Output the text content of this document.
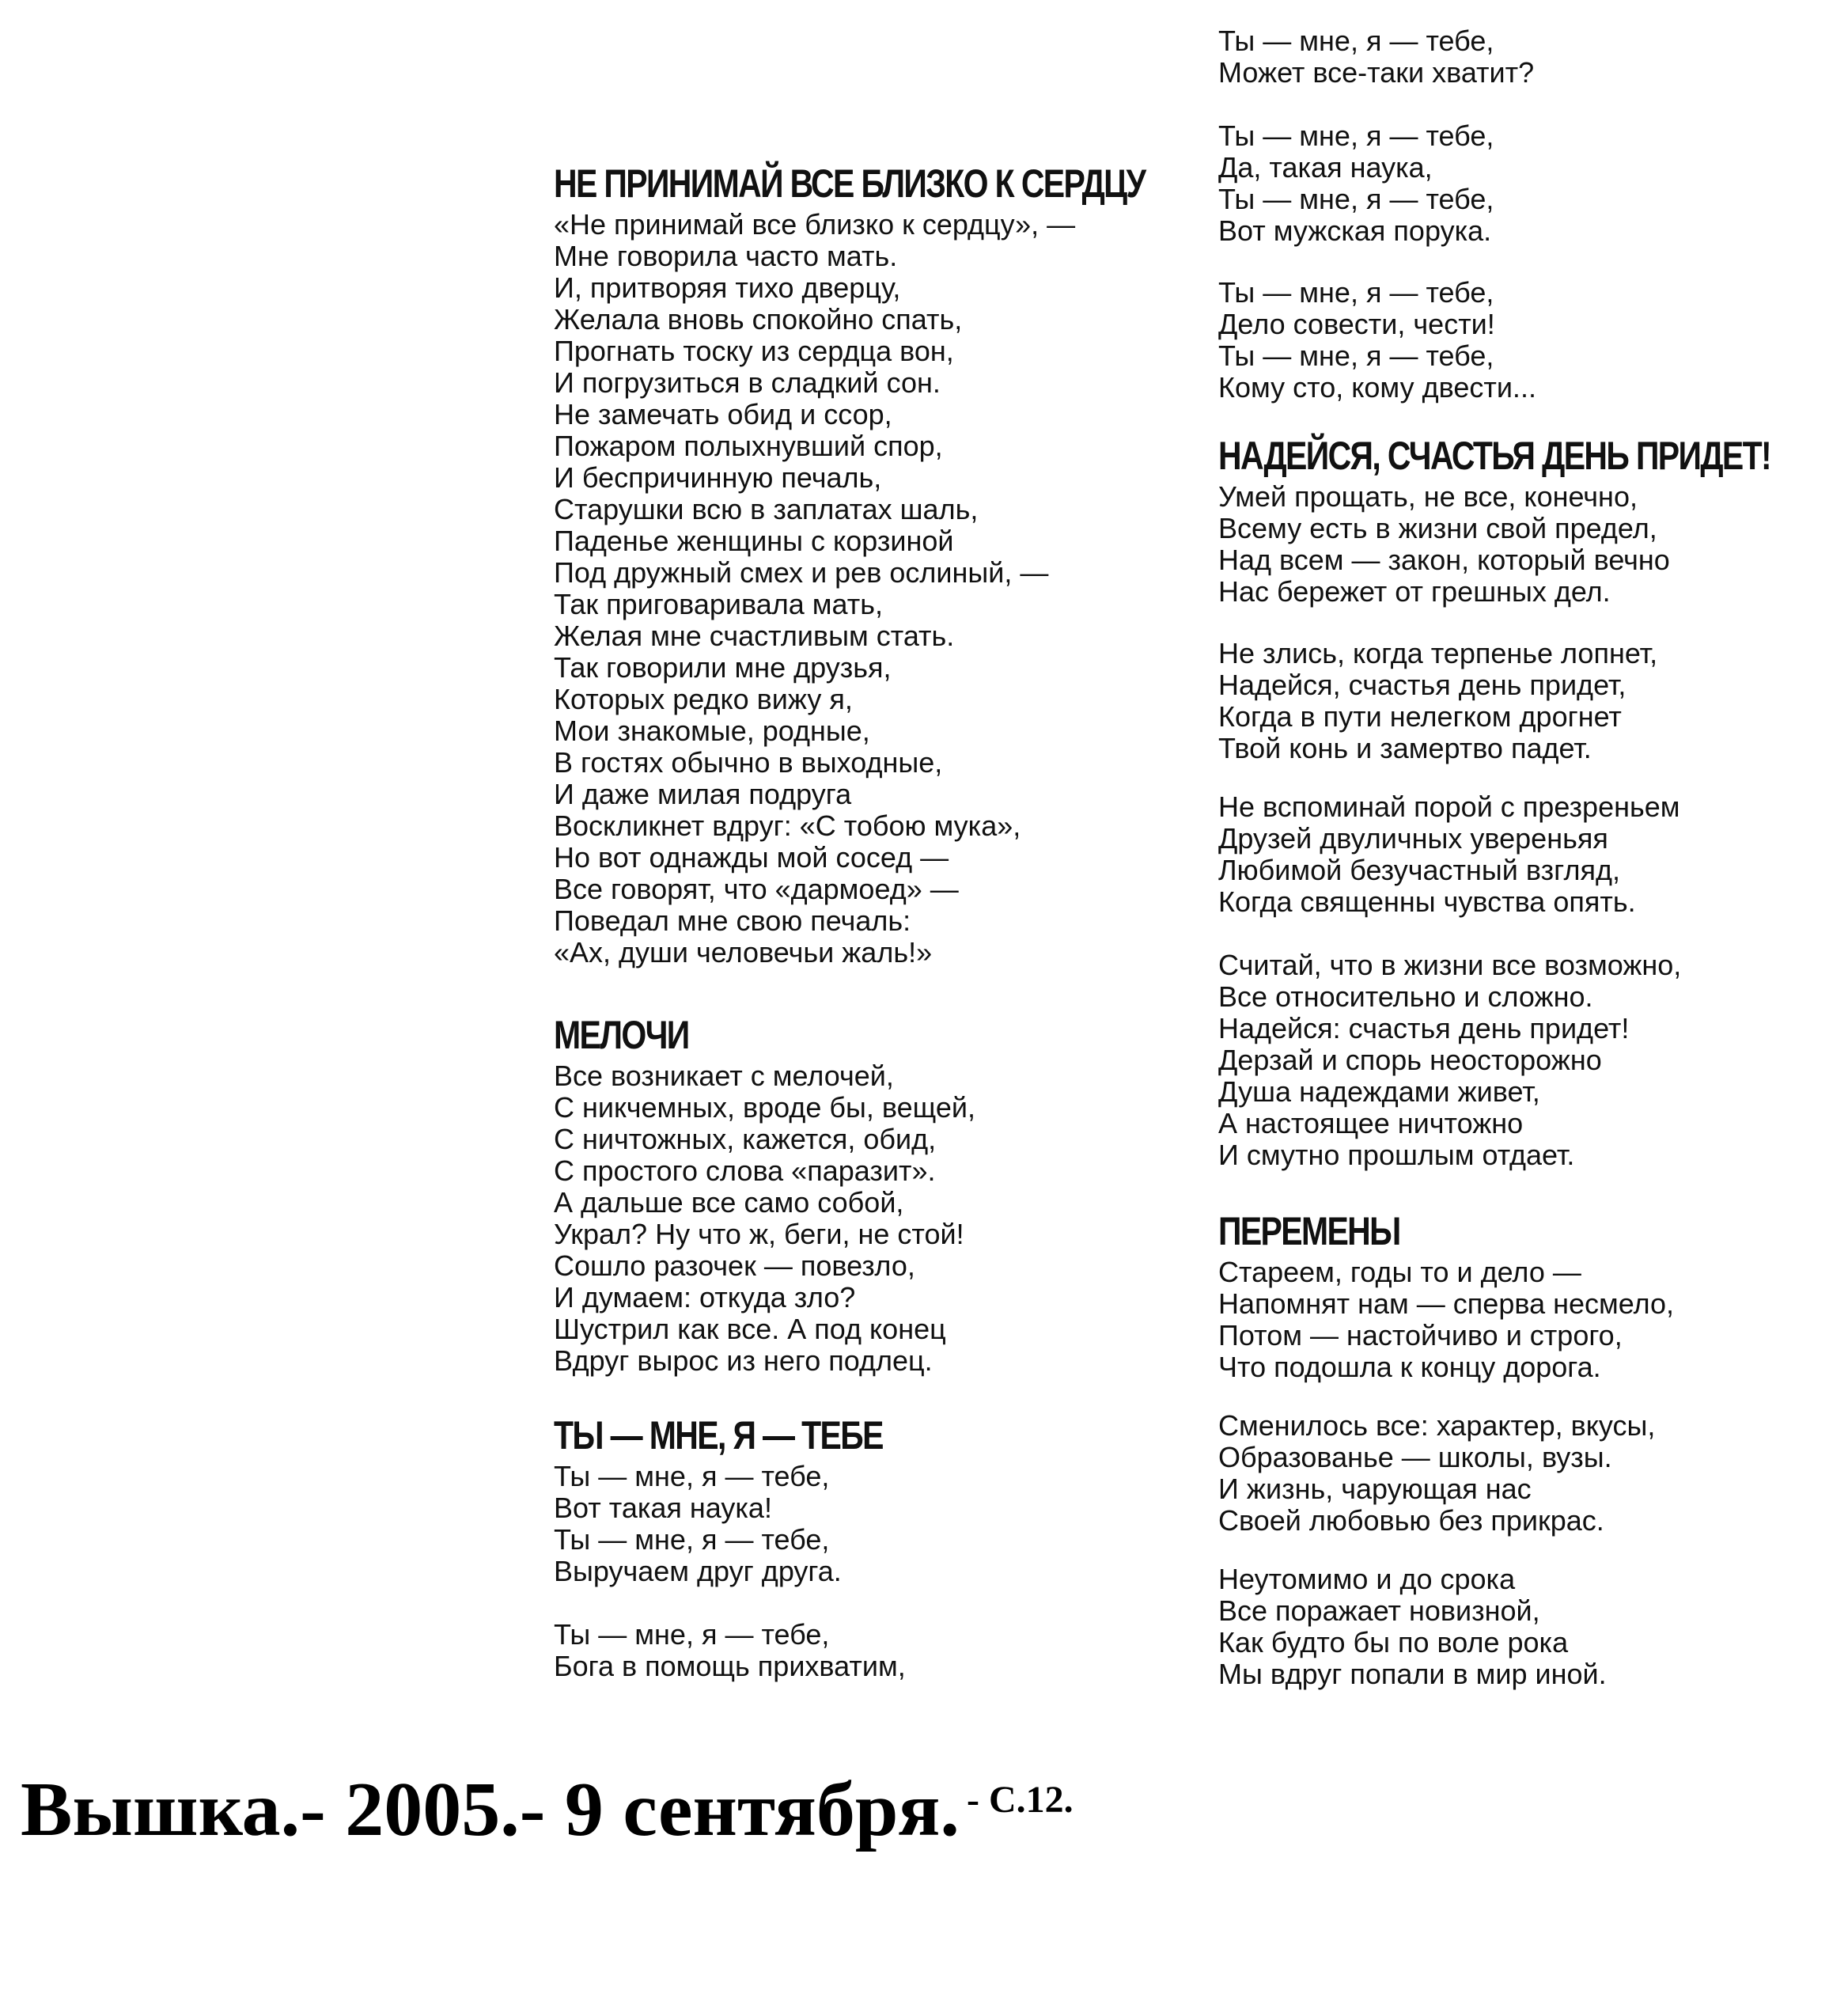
НЕ ПРИНИМАЙ ВСЕ БЛИЗКО К СЕРДЦУ
«Не принимай все близко к сердцу», —
Мне говорила часто мать.
И, притворяя тихо дверцу,
Желала вновь спокойно спать,
Прогнать тоску из сердца вон,
И погрузиться в сладкий сон.
Не замечать обид и ссор,
Пожаром полыхнувший спор,
И беспричинную печаль,
Старушки всю в заплатах шаль,
Паденье женщины с корзиной
Под дружный смех и рев ослиный, —
Так приговаривала мать,
Желая мне счастливым стать.
Так говорили мне друзья,
Которых редко вижу я,
Мои знакомые, родные,
В гостях обычно в выходные,
И даже милая подруга
Воскликнет вдруг: «С тобою мука»,
Но вот однажды мой сосед —
Все говорят, что «дармоед» —
Поведал мне свою печаль:
«Ах, души человечьи жаль!»
МЕЛОЧИ
Все возникает с мелочей,
С никчемных, вроде бы, вещей,
С ничтожных, кажется, обид,
С простого слова «паразит».
А дальше все само собой,
Украл? Ну что ж, беги, не стой!
Сошло разочек — повезло,
И думаем: откуда зло?
Шустрил как все. А под конец
Вдруг вырос из него подлец.
ТЫ — МНЕ, Я — ТЕБЕ
Ты — мне, я — тебе,
Вот такая наука!
Ты — мне, я — тебе,
Выручаем друг друга.
Ты — мне, я — тебе,
Бога в помощь прихватим,
Ты — мне, я — тебе,
Может все-таки хватит?
Ты — мне, я — тебе,
Да, такая наука,
Ты — мне, я — тебе,
Вот мужская порука.
Ты — мне, я — тебе,
Дело совести, чести!
Ты — мне, я — тебе,
Кому сто, кому двести...
НАДЕЙСЯ, СЧАСТЬЯ ДЕНЬ ПРИДЕТ!
Умей прощать, не все, конечно,
Всему есть в жизни свой предел,
Над всем — закон, который вечно
Нас бережет от грешных дел.
Не злись, когда терпенье лопнет,
Надейся, счастья день придет,
Когда в пути нелегком дрогнет
Твой конь и замертво падет.
Не вспоминай порой с презреньем
Друзей двуличных увереньяя
Любимой безучастный взгляд,
Когда священны чувства опять.
Считай, что в жизни все возможно,
Все относительно и сложно.
Надейся: счастья день придет!
Дерзай и спорь неосторожно
Душа надеждами живет,
А настоящее ничтожно
И смутно прошлым отдает.
ПЕРЕМЕНЫ
Стареем, годы то и дело —
Напомнят нам — сперва несмело,
Потом — настойчиво и строго,
Что подошла к концу дорога.
Сменилось все: характер, вкусы,
Образованье — школы, вузы.
И жизнь, чарующая нас
Своей любовью без прикрас.
Неутомимо и до срока
Все поражает новизной,
Как будто бы по воле рока
Мы вдруг попали в мир иной.
Вышка.- 2005.- 9 сентября. - С.12.
